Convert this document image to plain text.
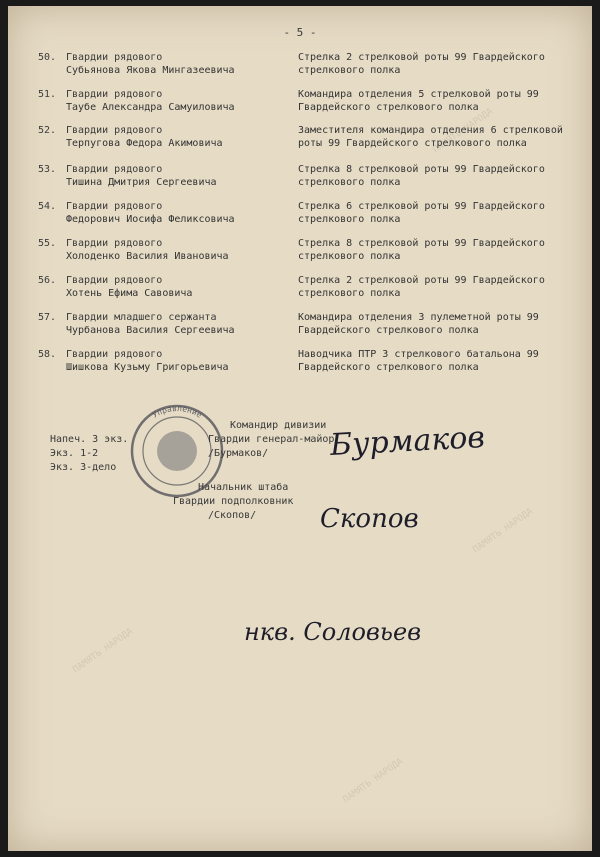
ПАМЯТЬ НАРОДА
ПАМЯТЬ НАРОДА
ПАМЯТЬ НАРОДА
ПАМЯТЬ НАРОДА
- 5 -
50. Гвардии рядового
Субьянова Якова Мингазеевича
Стрелка 2 стрелковой роты 99 Гвардейского стрелкового полка
51. Гвардии рядового
Таубе Александра Самуиловича
Командира отделения 5 стрелковой роты 99 Гвардейского стрелкового полка
52. Гвардии рядового
Терпугова Федора Акимовича
Заместителя командира отделения 6 стрелковой роты 99 Гвардейского стрелкового полка
53. Гвардии рядового
Тишина Дмитрия Сергеевича
Стрелка 8 стрелковой роты 99 Гвардейского стрелкового полка
54. Гвардии рядового
Федорович Иосифа Феликсовича
Стрелка 6 стрелковой роты 99 Гвардейского стрелкового полка
55. Гвардии рядового
Холоденко Василия Ивановича
Стрелка 8 стрелковой роты 99 Гвардейского стрелкового полка
56. Гвардии рядового
Хотень Ефима Савовича
Стрелка 2 стрелковой роты 99 Гвардейского стрелкового полка
57. Гвардии младшего сержанта
Чурбанова Василия Сергеевича
Командира отделения 3 пулеметной роты 99 Гвардейского стрелкового полка
58. Гвардии рядового
Шишкова Кузьму Григорьевича
Наводчика ПТР 3 стрелкового батальона 99 Гвардейского стрелкового полка
Управление
Командир дивизии
Напеч. 3 экз.	Гвардии генерал-майор
Экз. 1-2	/Бурмаков/
Экз. 3-дело
Бурмаков
Начальник штаба
Гвардии подполковник
/Скопов/ Скопов
нкв. Соловьев
